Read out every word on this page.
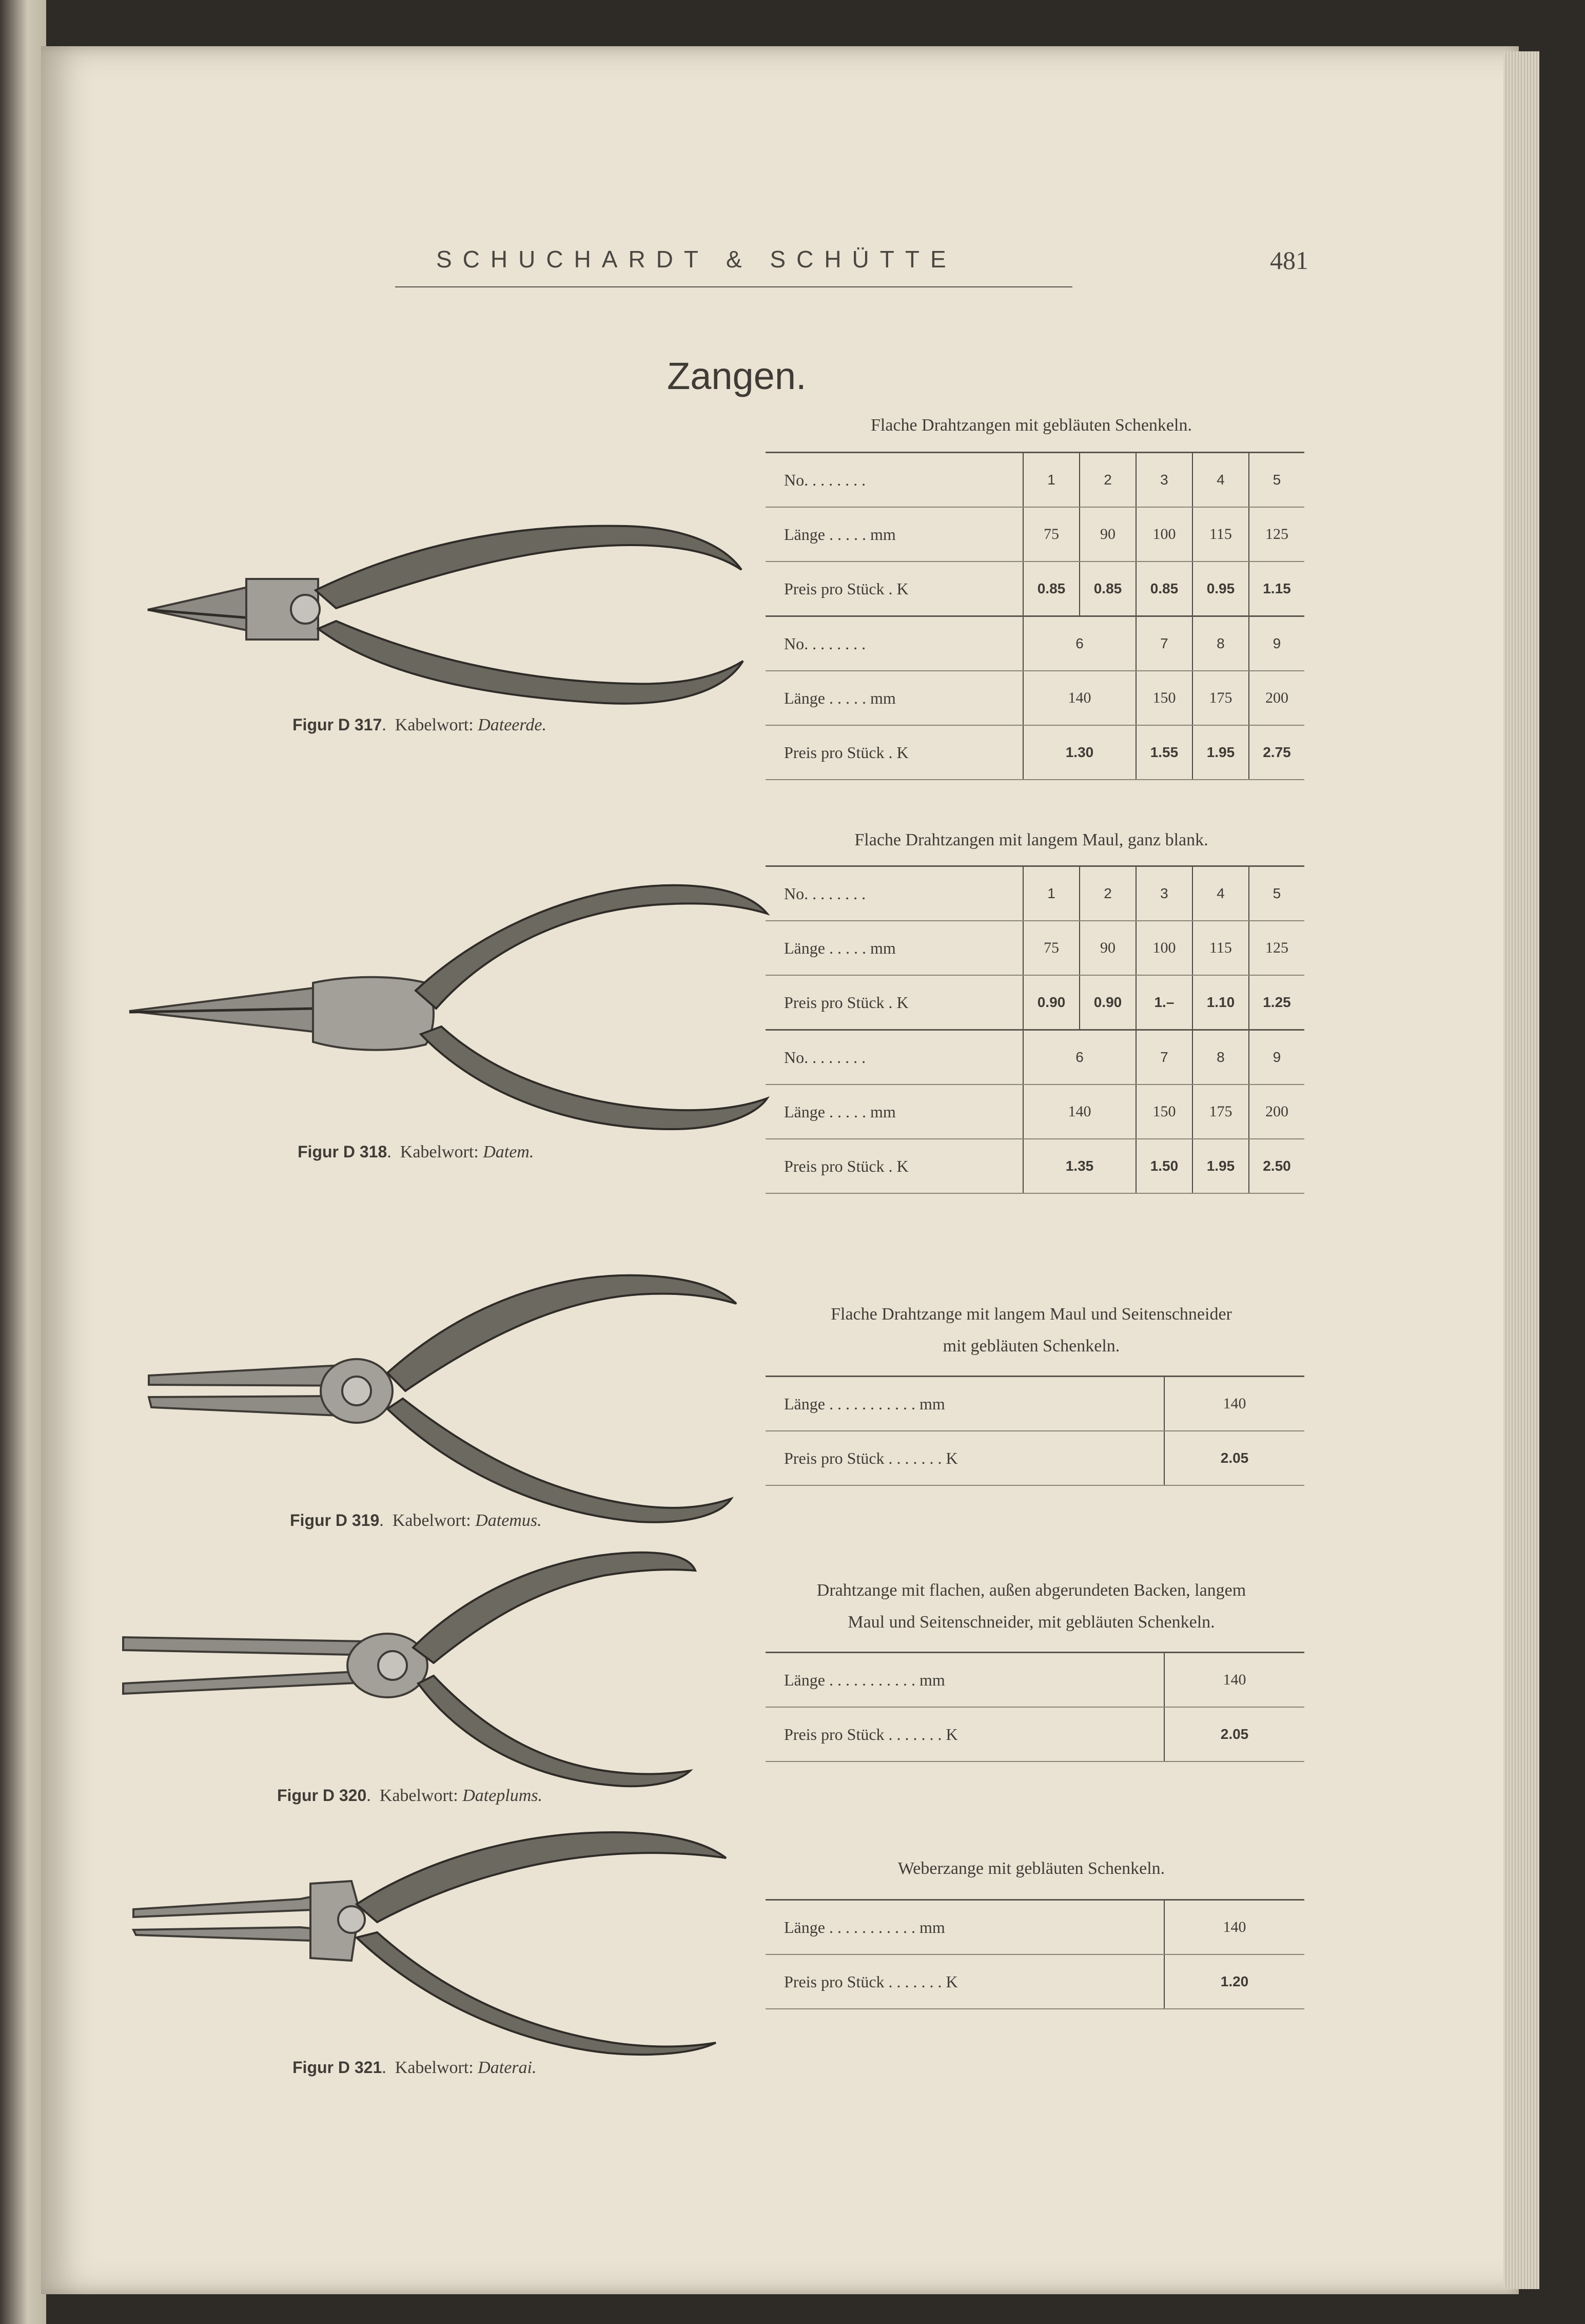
SCHUCHARDT & SCHÜTTE	481
Zangen.
Figur D 317.  Kabelwort: Dateerde.
Figur D 318.  Kabelwort: Datem.
Figur D 319.  Kabelwort: Datemus.
Figur D 320.  Kabelwort: Dateplums.
Figur D 321.  Kabelwort: Daterai.
Flache Drahtzangen mit gebläuten Schenkeln.
No. . . . . . . .	1	2	3	4	5
Länge . . . . . mm	75	90	100	115	125
Preis pro Stück . K	0.85	0.85	0.85	0.95	1.15
No. . . . . . . .	6		7	8	9
Länge . . . . . mm	140		150	175	200
Preis pro Stück . K	1.30		1.55	1.95	2.75
Flache Drahtzangen mit langem Maul, ganz blank.
No. . . . . . . .	1	2	3	4	5
Länge . . . . . mm	75	90	100	115	125
Preis pro Stück . K	0.90	0.90	1.–	1.10	1.25
No. . . . . . . .	6		7	8	9
Länge . . . . . mm	140		150	175	200
Preis pro Stück . K	1.35		1.50	1.95	2.50
Flache Drahtzange mit langem Maul und Seitenschneider
mit gebläuten Schenkeln.
Länge . . . . . . . . . . . mm	140
Preis pro Stück . . . . . . . K	2.05
Drahtzange mit flachen, außen abgerundeten Backen, langem
Maul und Seitenschneider, mit gebläuten Schenkeln.
Länge . . . . . . . . . . . mm	140
Preis pro Stück . . . . . . . K	2.05
Weberzange mit gebläuten Schenkeln.
Länge . . . . . . . . . . . mm	140
Preis pro Stück . . . . . . . K	1.20
